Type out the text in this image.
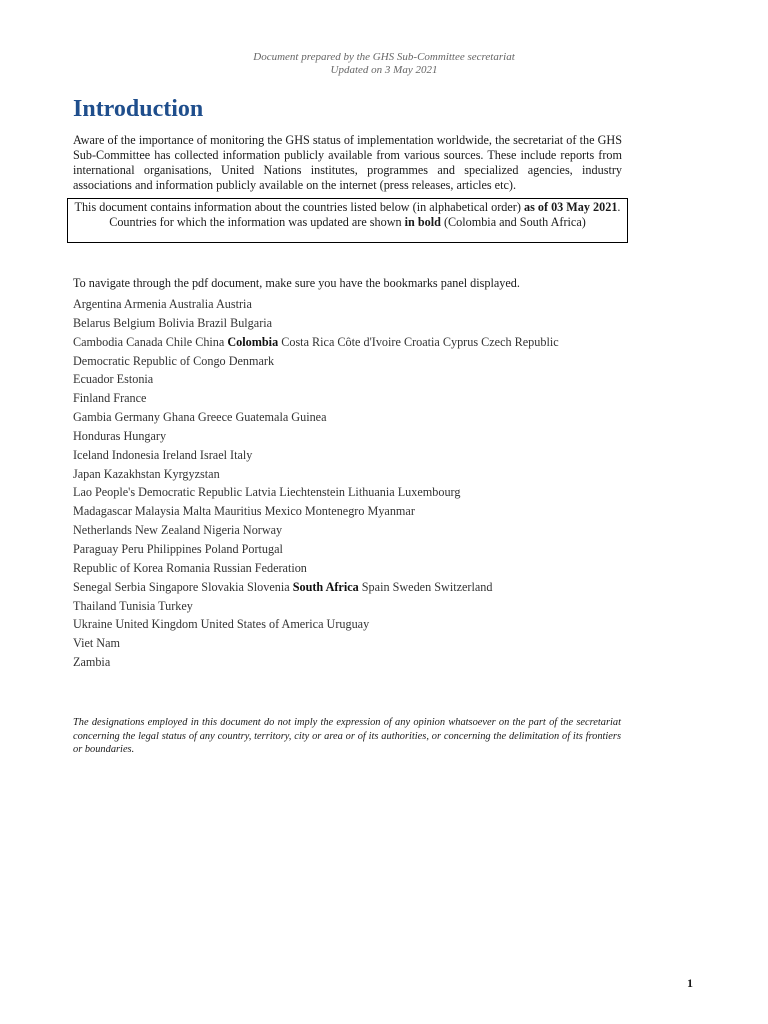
Document prepared by the GHS Sub-Committee secretariat
Updated on 3 May 2021
Introduction

Aware of the importance of monitoring the GHS status of implementation worldwide, the secretariat of the GHS Sub-Committee has collected information publicly available from various sources. These include reports from international organisations, United Nations institutes, programmes and specialized agencies, industry associations and information publicly available on the internet (press releases, articles etc).

This document contains information about the countries listed below (in alphabetical order) as of 03 May 2021. Countries for which the information was updated are shown in bold (Colombia and South Africa)

To navigate through the pdf document, make sure you have the bookmarks panel displayed.

Argentina Armenia Australia Austria
Belarus Belgium Bolivia Brazil Bulgaria
Cambodia Canada Chile China Colombia Costa Rica Côte d'Ivoire Croatia Cyprus Czech Republic
Democratic Republic of Congo Denmark
Ecuador Estonia
Finland France
Gambia Germany Ghana Greece Guatemala Guinea
Honduras Hungary
Iceland Indonesia Ireland Israel Italy
Japan Kazakhstan Kyrgyzstan
Lao People's Democratic Republic Latvia Liechtenstein Lithuania Luxembourg
Madagascar Malaysia Malta Mauritius Mexico Montenegro Myanmar
Netherlands New Zealand Nigeria Norway
Paraguay Peru Philippines Poland Portugal
Republic of Korea Romania Russian Federation
Senegal Serbia Singapore Slovakia Slovenia South Africa Spain Sweden Switzerland
Thailand Tunisia Turkey
Ukraine United Kingdom United States of America Uruguay
Viet Nam
Zambia

The designations employed in this document do not imply the expression of any opinion whatsoever on the part of the secretariat concerning the legal status of any country, territory, city or area or of its authorities, or concerning the delimitation of its frontiers or boundaries.

1
